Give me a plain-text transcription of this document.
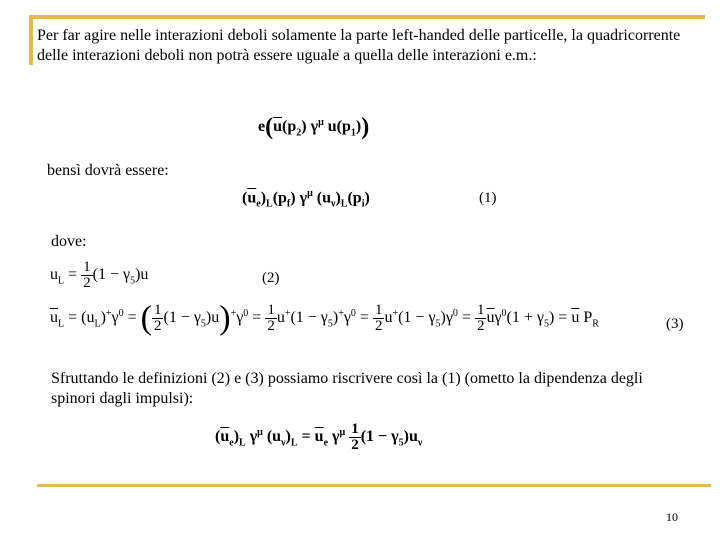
Per far agire nelle interazioni deboli solamente la parte left-handed delle particelle, la quadricorrente delle interazioni deboli non potrà essere uguale a quella delle interazioni e.m.:
$e(\overline{u}(p_2)$ $\gamma^\mu$ $u(p_1)$)
bensì dovrà essere:
$(\overline{u}_e)_L(p_f)$ $\gamma^\mu$ $(u_\nu)_L(p_i)$	(1)
dove:
$u_L = \frac{1}{2} (1 - \gamma_5)u$	(2)
$\overline{u}_L = (u_L)^+\gamma^0$ = ( $\frac{1}{2} (1 - \gamma_5)u)^+\gamma^0 = \frac{1}{2} u^+(1 - \gamma_5)^+\gamma^0 = \frac{1}{2} u^+(1 - \gamma_5)\gamma^0 = \frac{1}{2} \overline{u}\gamma^0(1 + \gamma_5) = \overline{u}$ $P_R$	(3)
Sfruttando le definizioni (2) e (3) possiamo riscrivere così la (1) (ometto la dipendenza degli spinori dagli impulsi):
$(\overline{u}_e)_L$ $\gamma^\mu$ $(u_\nu)_L = \overline{u}_e$ $\gamma^\mu \frac{1}{2} (1 - \gamma_5)u_\nu$
10
